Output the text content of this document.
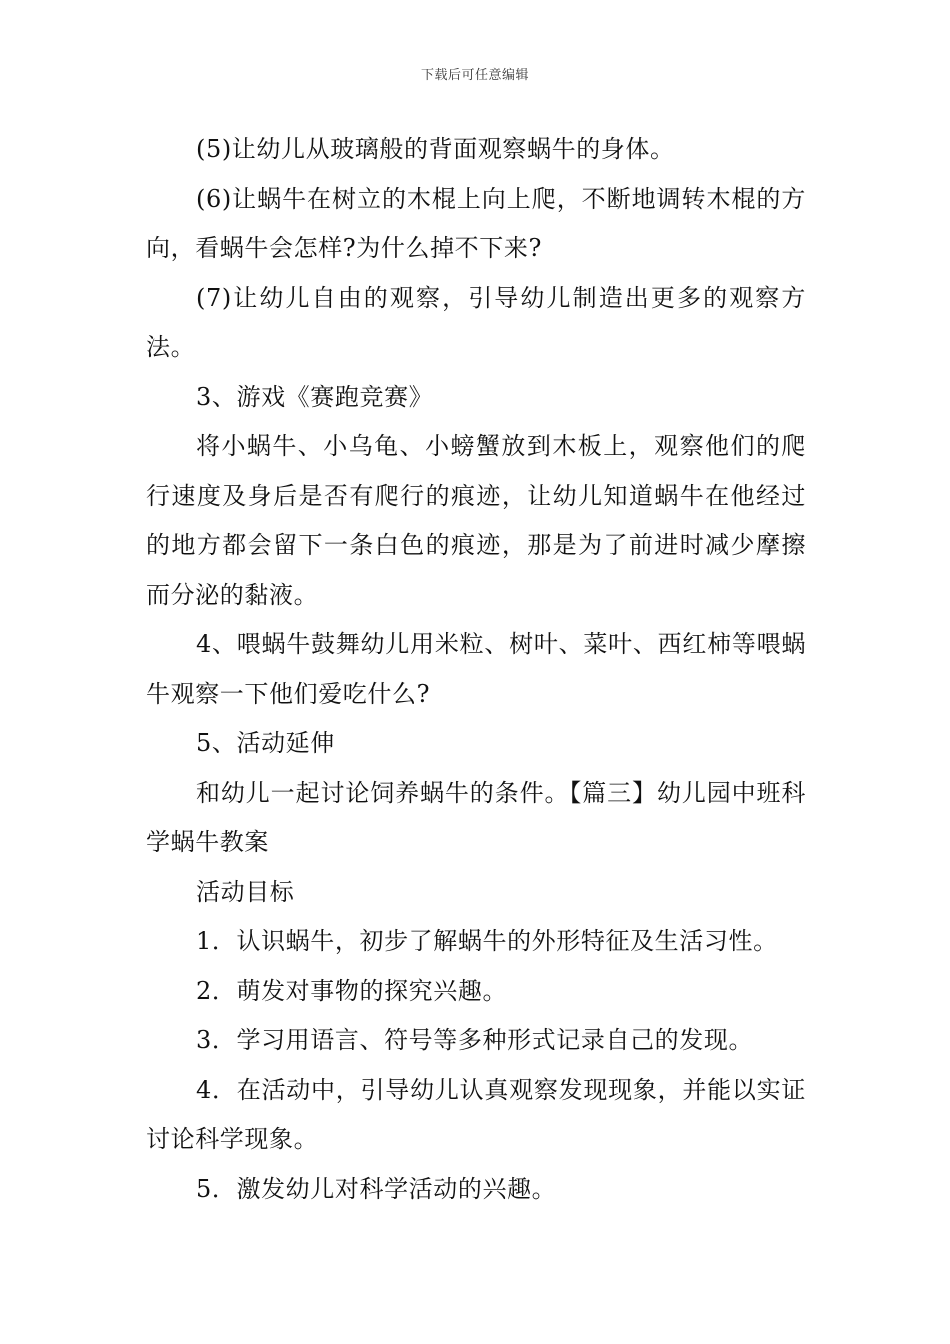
下载后可任意编辑

(5)让幼儿从玻璃般的背面观察蜗牛的身体。

(6)让蜗牛在树立的木棍上向上爬，不断地调转木棍的方向，看蜗牛会怎样?为什么掉不下来?

(7)让幼儿自由的观察，引导幼儿制造出更多的观察方法。

3、游戏《赛跑竞赛》

将小蜗牛、小乌龟、小螃蟹放到木板上，观察他们的爬行速度及身后是否有爬行的痕迹，让幼儿知道蜗牛在他经过的地方都会留下一条白色的痕迹，那是为了前进时减少摩擦而分泌的黏液。

4、喂蜗牛鼓舞幼儿用米粒、树叶、菜叶、西红柿等喂蜗牛观察一下他们爱吃什么?

5、活动延伸

和幼儿一起讨论饲养蜗牛的条件。【篇三】幼儿园中班科学蜗牛教案

活动目标

1．认识蜗牛，初步了解蜗牛的外形特征及生活习性。

2．萌发对事物的探究兴趣。

3．学习用语言、符号等多种形式记录自己的发现。

4．在活动中，引导幼儿认真观察发现现象，并能以实证讨论科学现象。

5．激发幼儿对科学活动的兴趣。
